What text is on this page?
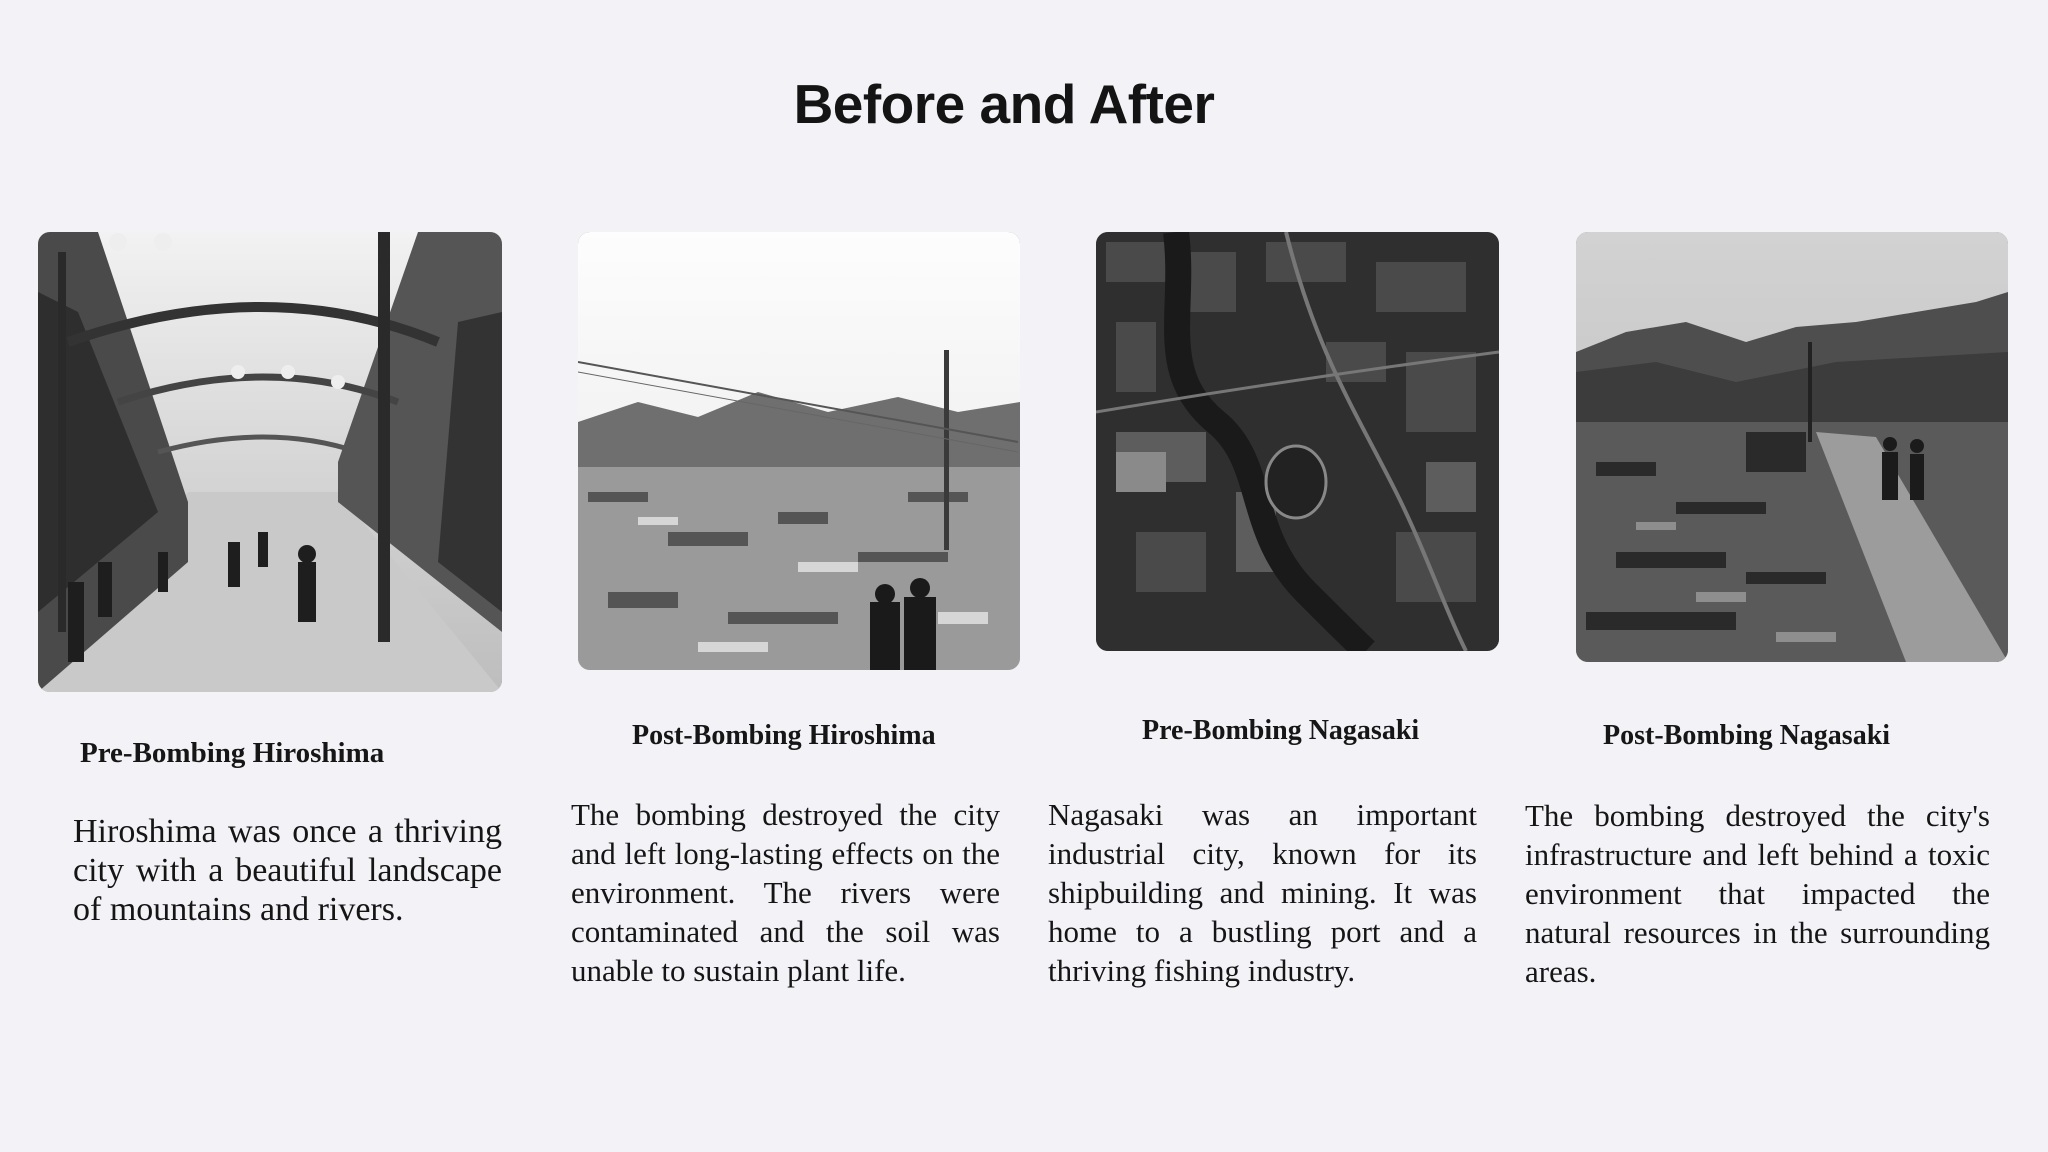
Before and After
Pre-Bombing Hiroshima
Post-Bombing Hiroshima	Pre-Bombing Nagasaki	Post-Bombing Nagasaki

Hiroshima was once a thriving city with a beautiful landscape of mountains and rivers.

The bombing destroyed the city and left long-lasting effects on the environment. The rivers were contaminated and the soil was unable to sustain plant life.

Nagasaki was an important industrial city, known for its shipbuilding and mining. It was home to a bustling port and a thriving fishing industry.

The bombing destroyed the city's infrastructure and left behind a toxic environment that impacted the natural resources in the surrounding areas.
